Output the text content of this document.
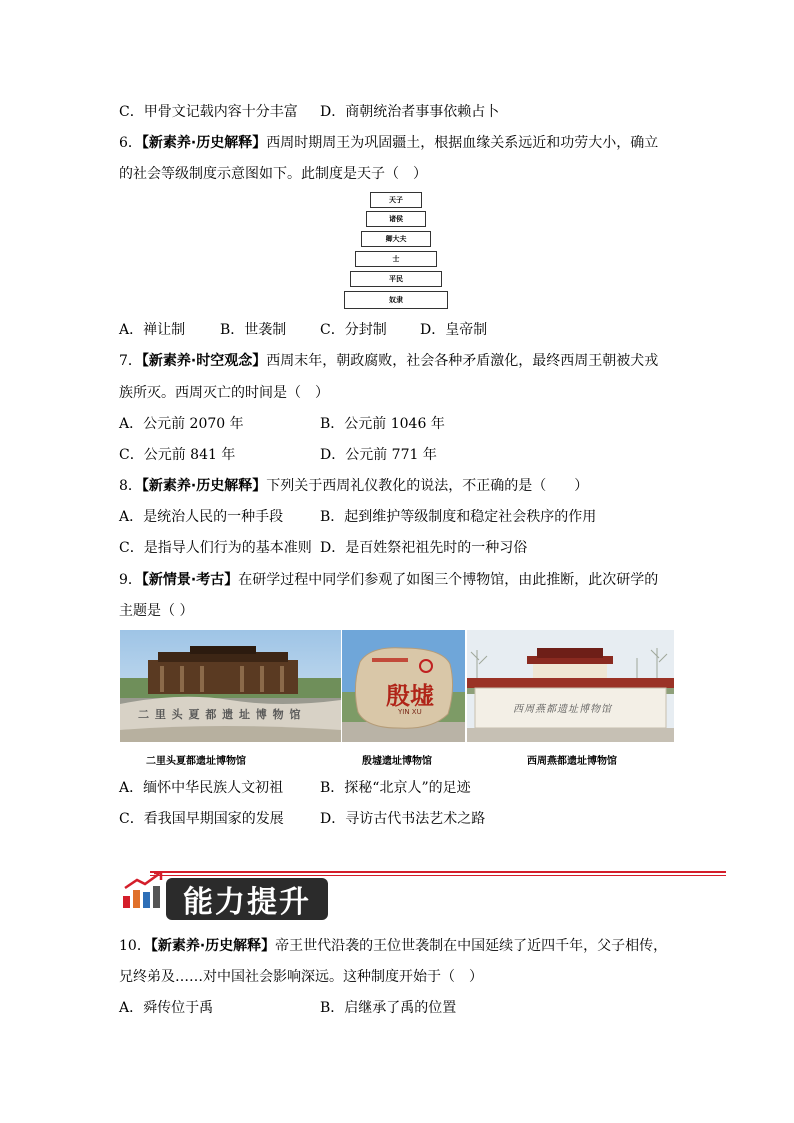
C．甲骨文记载内容十分丰富 D．商朝统治者事事依赖占卜
6．【新素养·历史解释】西周时期周王为巩固疆土，根据血缘关系远近和功劳大小，确立
的社会等级制度示意图如下。此制度是天子（　）
天子
诸侯
卿大夫
士
平民
奴隶
A．禅让制 B．世袭制 C．分封制 D．皇帝制
7．【新素养·时空观念】西周末年，朝政腐败，社会各种矛盾激化，最终西周王朝被犬戎
族所灭。西周灭亡的时间是（　）
A．公元前 2070 年	B．公元前 1046 年
C．公元前 841 年	D．公元前 771 年
8．【新素养·历史解释】下列关于西周礼仪教化的说法，不正确的是（　　）
A．是统治人民的一种手段	B．起到维护等级制度和稳定社会秩序的作用
C．是指导人们行为的基本准则 D．是百姓祭祀祖先时的一种习俗
9．【新情景·考古】在研学过程中同学们参观了如图三个博物馆，由此推断，此次研学的
主题是（ ）
二 里 头 夏 都 遗 址 博 物 馆
殷墟
YIN XU	西周燕都遗址博物馆
二里头夏都遗址博物馆	殷墟遗址博物馆	西周燕都遗址博物馆
A．缅怀中华民族人文初祖	B．探秘“北京人”的足迹
C．看我国早期国家的发展	D．寻访古代书法艺术之路
能力提升
10．【新素养·历史解释】帝王世代沿袭的王位世袭制在中国延续了近四千年，父子相传，
兄终弟及……对中国社会影响深远。这种制度开始于（　）
A．舜传位于禹	B．启继承了禹的位置
